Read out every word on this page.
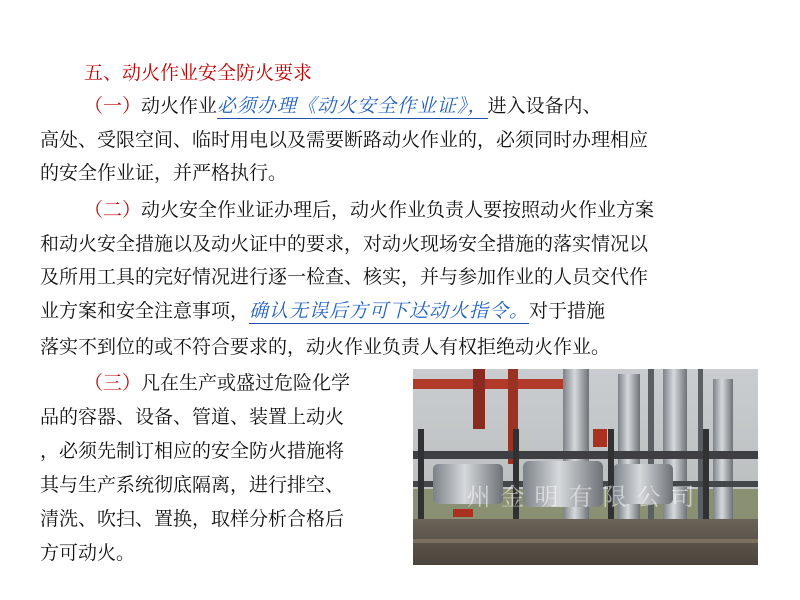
五、动火作业安全防火要求
（一）动火作业必须办理《动火安全作业证》，进入设备内、
高处、受限空间、临时用电以及需要断路动火作业的，必须同时办理相应
的安全作业证，并严格执行。
（二）动火安全作业证办理后，动火作业负责人要按照动火作业方案
和动火安全措施以及动火证中的要求，对动火现场安全措施的落实情况以
及所用工具的完好情况进行逐一检查、核实，并与参加作业的人员交代作
业方案和安全注意事项，确认无误后方可下达动火指令。对于措施
落实不到位的或不符合要求的，动火作业负责人有权拒绝动火作业。
（三）凡在生产或盛过危险化学
品的容器、设备、管道、装置上动火
，必须先制订相应的安全防火措施将
其与生产系统彻底隔离，进行排空、
清洗、吹扫、置换，取样分析合格后
方可动火。
州金明有限公司
